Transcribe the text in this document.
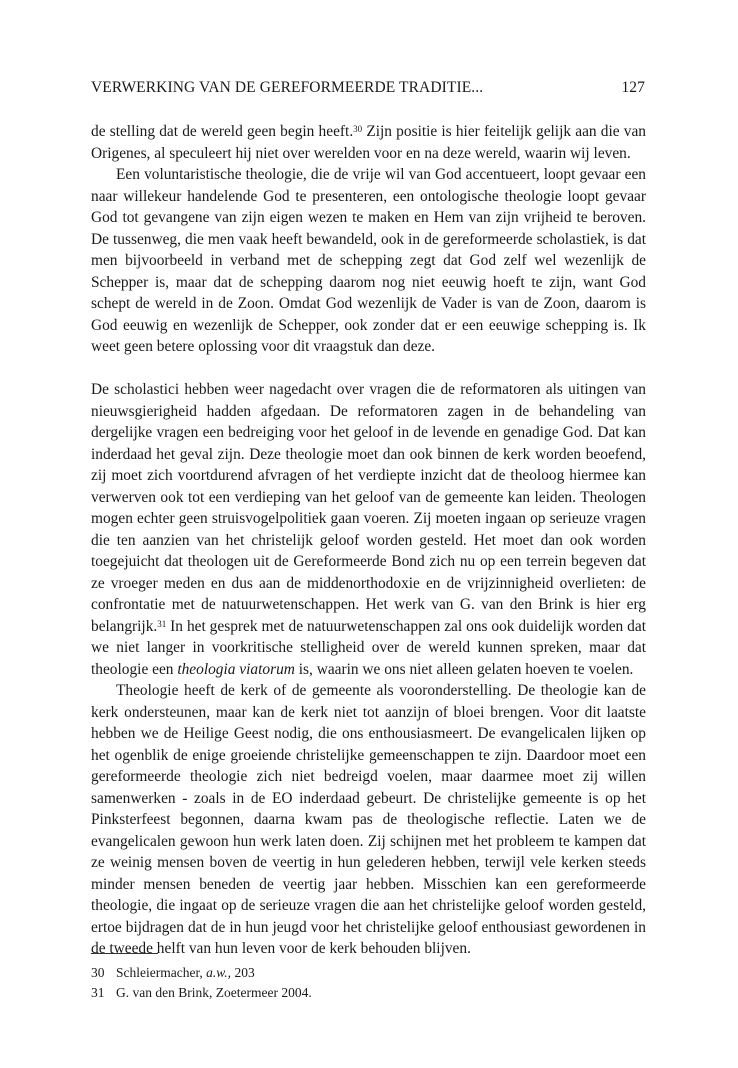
VERWERKING VAN DE GEREFORMEERDE TRADITIE...	127

de stelling dat de wereld geen begin heeft.$^{30}$ Zijn positie is hier feitelijk gelijk aan die van Origenes, al speculeert hij niet over werelden voor en na deze wereld, waarin wij leven.

Een voluntaristische theologie, die de vrije wil van God accentueert, loopt gevaar een naar willekeur handelende God te presenteren, een ontologische theologie loopt gevaar God tot gevangene van zijn eigen wezen te maken en Hem van zijn vrijheid te beroven. De tussenweg, die men vaak heeft bewandeld, ook in de gereformeerde scholastiek, is dat men bijvoorbeeld in verband met de schepping zegt dat God zelf wel wezenlijk de Schepper is, maar dat de schepping daarom nog niet eeuwig hoeft te zijn, want God schept de wereld in de Zoon. Omdat God wezenlijk de Vader is van de Zoon, daarom is God eeuwig en wezenlijk de Schepper, ook zonder dat er een eeuwige schepping is. Ik weet geen betere oplossing voor dit vraagstuk dan deze.

De scholastici hebben weer nagedacht over vragen die de reformatoren als uitingen van nieuwsgierigheid hadden afgedaan. De reformatoren zagen in de behandeling van dergelijke vragen een bedreiging voor het geloof in de levende en genadige God. Dat kan inderdaad het geval zijn. Deze theologie moet dan ook binnen de kerk worden beoefend, zij moet zich voortdurend afvragen of het verdiepte inzicht dat de theoloog hiermee kan verwerven ook tot een verdieping van het geloof van de gemeente kan leiden. Theologen mogen echter geen struisvogelpolitiek gaan voeren. Zij moeten ingaan op serieuze vragen die ten aanzien van het christelijk geloof worden gesteld. Het moet dan ook worden toegejuicht dat theologen uit de Gereformeerde Bond zich nu op een terrein begeven dat ze vroeger meden en dus aan de middenorthodoxie en de vrijzinnigheid overlieten: de confrontatie met de natuurwetenschappen. Het werk van G. van den Brink is hier erg belangrijk.$^{31}$ In het gesprek met de natuurwetenschappen zal ons ook duidelijk worden dat we niet langer in voorkritische stelligheid over de wereld kunnen spreken, maar dat theologie een theologia viatorum is, waarin we ons niet alleen gelaten hoeven te voelen.

Theologie heeft de kerk of de gemeente als vooronderstelling. De theologie kan de kerk ondersteunen, maar kan de kerk niet tot aanzijn of bloei brengen. Voor dit laatste hebben we de Heilige Geest nodig, die ons enthousiasmeert. De evangelicalen lijken op het ogenblik de enige groeiende christelijke gemeenschappen te zijn. Daardoor moet een gereformeerde theologie zich niet bedreigd voelen, maar daarmee moet zij willen samenwerken - zoals in de EO inderdaad gebeurt. De christelijke gemeente is op het Pinksterfeest begonnen, daarna kwam pas de theologische reflectie. Laten we de evangelicalen gewoon hun werk laten doen. Zij schijnen met het probleem te kampen dat ze weinig mensen boven de veertig in hun gelederen hebben, terwijl vele kerken steeds minder mensen beneden de veertig jaar hebben. Misschien kan een gereformeerde theologie, die ingaat op de serieuze vragen die aan het christelijke geloof worden gesteld, ertoe bijdragen dat de in hun jeugd voor het christelijke geloof enthousiast gewordenen in de tweede helft van hun leven voor de kerk behouden blijven.

30 Schleiermacher, a.w., 203
31 G. van den Brink, Zoetermeer 2004.
